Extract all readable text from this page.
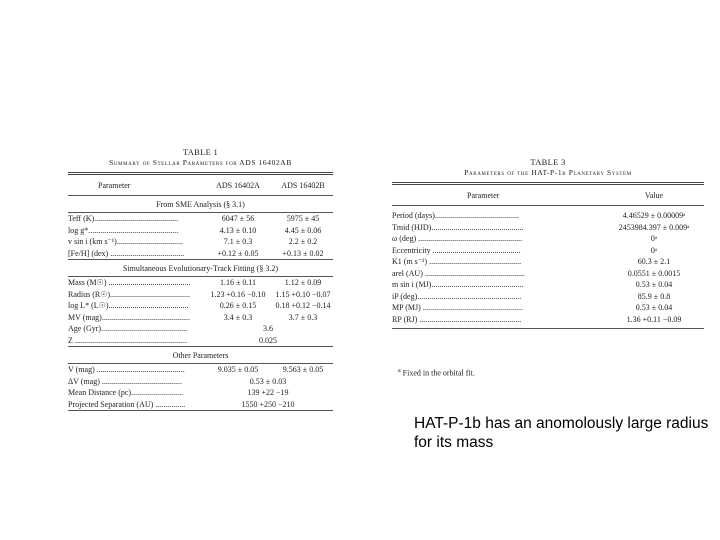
TABLE 1
Summary of Stellar Parameters for ADS 16402AB
Parameter	ADS 16402A	ADS 16402B
From SME Analysis (§ 3.1)
Teff (K)..........................................	6047 ± 56	5975 ± 45
log g*.............................................	4.13 ± 0.10	4.45 ± 0.06
v sin i (km s⁻¹).................................	7.1 ± 0.3	2.2 ± 0.2
[Fe/H] (dex) .....................................	+0.12 ± 0.05	+0.13 ± 0.02
Simultaneous Evolutionary-Track Fitting (§ 3.2)
Mass (M☉) .........................................	1.16 ± 0.11	1.12 ± 0.09
Radius (R☉)........................................	1.23 +0.16 −0.10	1.15 +0.10 −0.07
log L* (L☉)........................................	0.26 ± 0.15	0.18 +0.12 −0.14
MV (mag)............................................	3.4 ± 0.3	3.7 ± 0.3
Age (Gyr)...........................................	3.6
Z ........................................................	0.025
Other Parameters
V (mag) ............................................	9.035 ± 0.05	9.563 ± 0.05
ΔV (mag) ........................................	0.53 ± 0.03
Mean Distance (pc)..........................	139 +22 −19
Projected Separation (AU) ...............	1550 +250 −210
TABLE 3
Parameters of the HAT-P-1b Planetary System
Parameter	Value
Period (days)..........................................	4.46529 ± 0.00009ᵃ
Tmid (HJD)..............................................	2453984.397 ± 0.009ᵃ
ω (deg) ....................................................	0ᵃ
Eccentricity ............................................	0ᵃ
K1 (m s⁻¹) ..............................................	60.3 ± 2.1
arel (AU) ..................................................	0.0551 ± 0.0015
m sin i (MJ)..............................................	0.53 ± 0.04
iP (deg)....................................................	85.9 ± 0.8
MP (MJ) ..................................................	0.53 ± 0.04
RP (RJ) ...................................................	1.36 +0.11 −0.09
$^a$ Fixed in the orbital fit.
HAT-P-1b has an anomolously large radius for its mass
